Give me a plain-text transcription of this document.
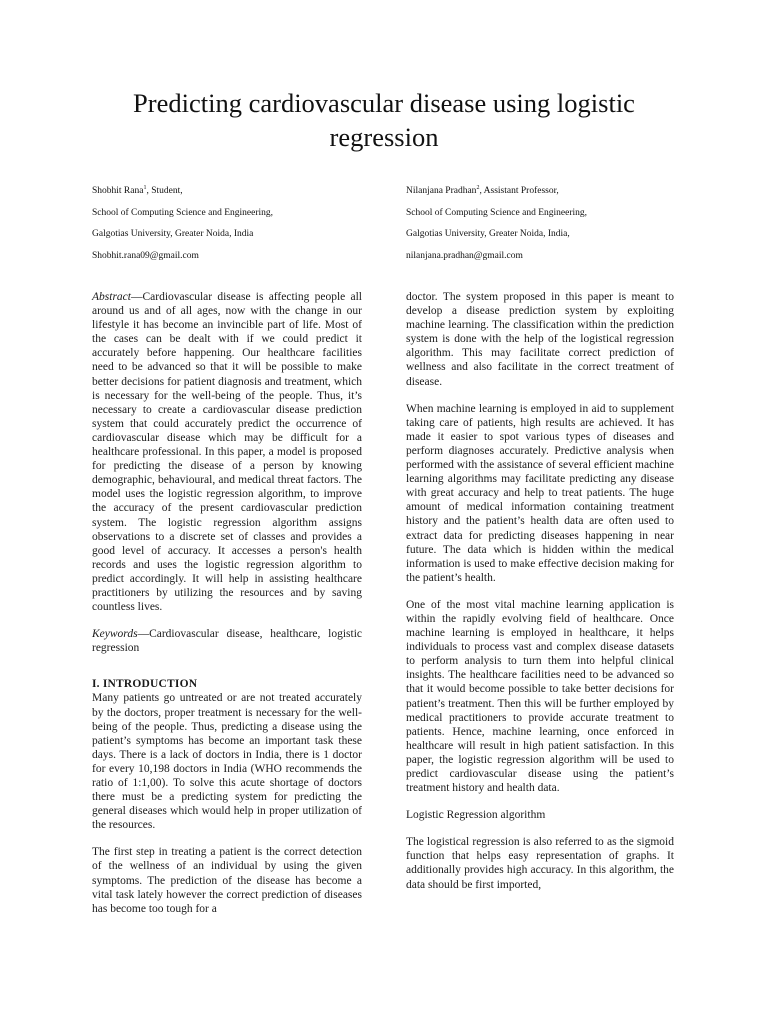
Predicting cardiovascular disease using logistic regression
Shobhit Rana$^1$, Student,
School of Computing Science and Engineering,
Galgotias University, Greater Noida, India
Shobhit.rana09@gmail.com
Nilanjana Pradhan$^2$, Assistant Professor,
School of Computing Science and Engineering,
Galgotias University, Greater Noida, India,
nilanjana.pradhan@gmail.com

Abstract—Cardiovascular disease is affecting people all around us and of all ages, now with the change in our lifestyle it has become an invincible part of life. Most of the cases can be dealt with if we could predict it accurately before happening. Our healthcare facilities need to be advanced so that it will be possible to make better decisions for patient diagnosis and treatment, which is necessary for the well-being of the people. Thus, it’s necessary to create a cardiovascular disease prediction system that could accurately predict the occurrence of cardiovascular disease which may be difficult for a healthcare professional. In this paper, a model is proposed for predicting the disease of a person by knowing demographic, behavioural, and medical threat factors. The model uses the logistic regression algorithm, to improve the accuracy of the present cardiovascular prediction system. The logistic regression algorithm assigns observations to a discrete set of classes and provides a good level of accuracy. It accesses a person's health records and uses the logistic regression algorithm to predict accordingly. It will help in assisting healthcare practitioners by utilizing the resources and by saving countless lives.

Keywords—Cardiovascular disease, healthcare, logistic regression

I. INTRODUCTION

Many patients go untreated or are not treated accurately by the doctors, proper treatment is necessary for the well-being of the people. Thus, predicting a disease using the patient’s symptoms has become an important task these days. There is a lack of doctors in India, there is 1 doctor for every 10,198 doctors in India (WHO recommends the ratio of 1:1,00). To solve this acute shortage of doctors there must be a predicting system for predicting the general diseases which would help in proper utilization of the resources.

The first step in treating a patient is the correct detection of the wellness of an individual by using the given symptoms. The prediction of the disease has become a vital task lately however the correct prediction of diseases has become too tough for a

doctor. The system proposed in this paper is meant to develop a disease prediction system by exploiting machine learning. The classification within the prediction system is done with the help of the logistical regression algorithm. This may facilitate correct prediction of wellness and also facilitate in the correct treatment of disease.

When machine learning is employed in aid to supplement taking care of patients, high results are achieved. It has made it easier to spot various types of diseases and perform diagnoses accurately. Predictive analysis when performed with the assistance of several efficient machine learning algorithms may facilitate predicting any disease with great accuracy and help to treat patients. The huge amount of medical information containing treatment history and the patient’s health data are often used to extract data for predicting diseases happening in near future. The data which is hidden within the medical information is used to make effective decision making for the patient’s health.

One of the most vital machine learning application is within the rapidly evolving field of healthcare. Once machine learning is employed in healthcare, it helps individuals to process vast and complex disease datasets to perform analysis to turn them into helpful clinical insights. The healthcare facilities need to be advanced so that it would become possible to take better decisions for patient’s treatment. Then this will be further employed by medical practitioners to provide accurate treatment to patients. Hence, machine learning, once enforced in healthcare will result in high patient satisfaction. In this paper, the logistic regression algorithm will be used to predict cardiovascular disease using the patient’s treatment history and health data.

Logistic Regression algorithm

The logistical regression is also referred to as the sigmoid function that helps easy representation of graphs. It additionally provides high accuracy. In this algorithm, the data should be first imported,
